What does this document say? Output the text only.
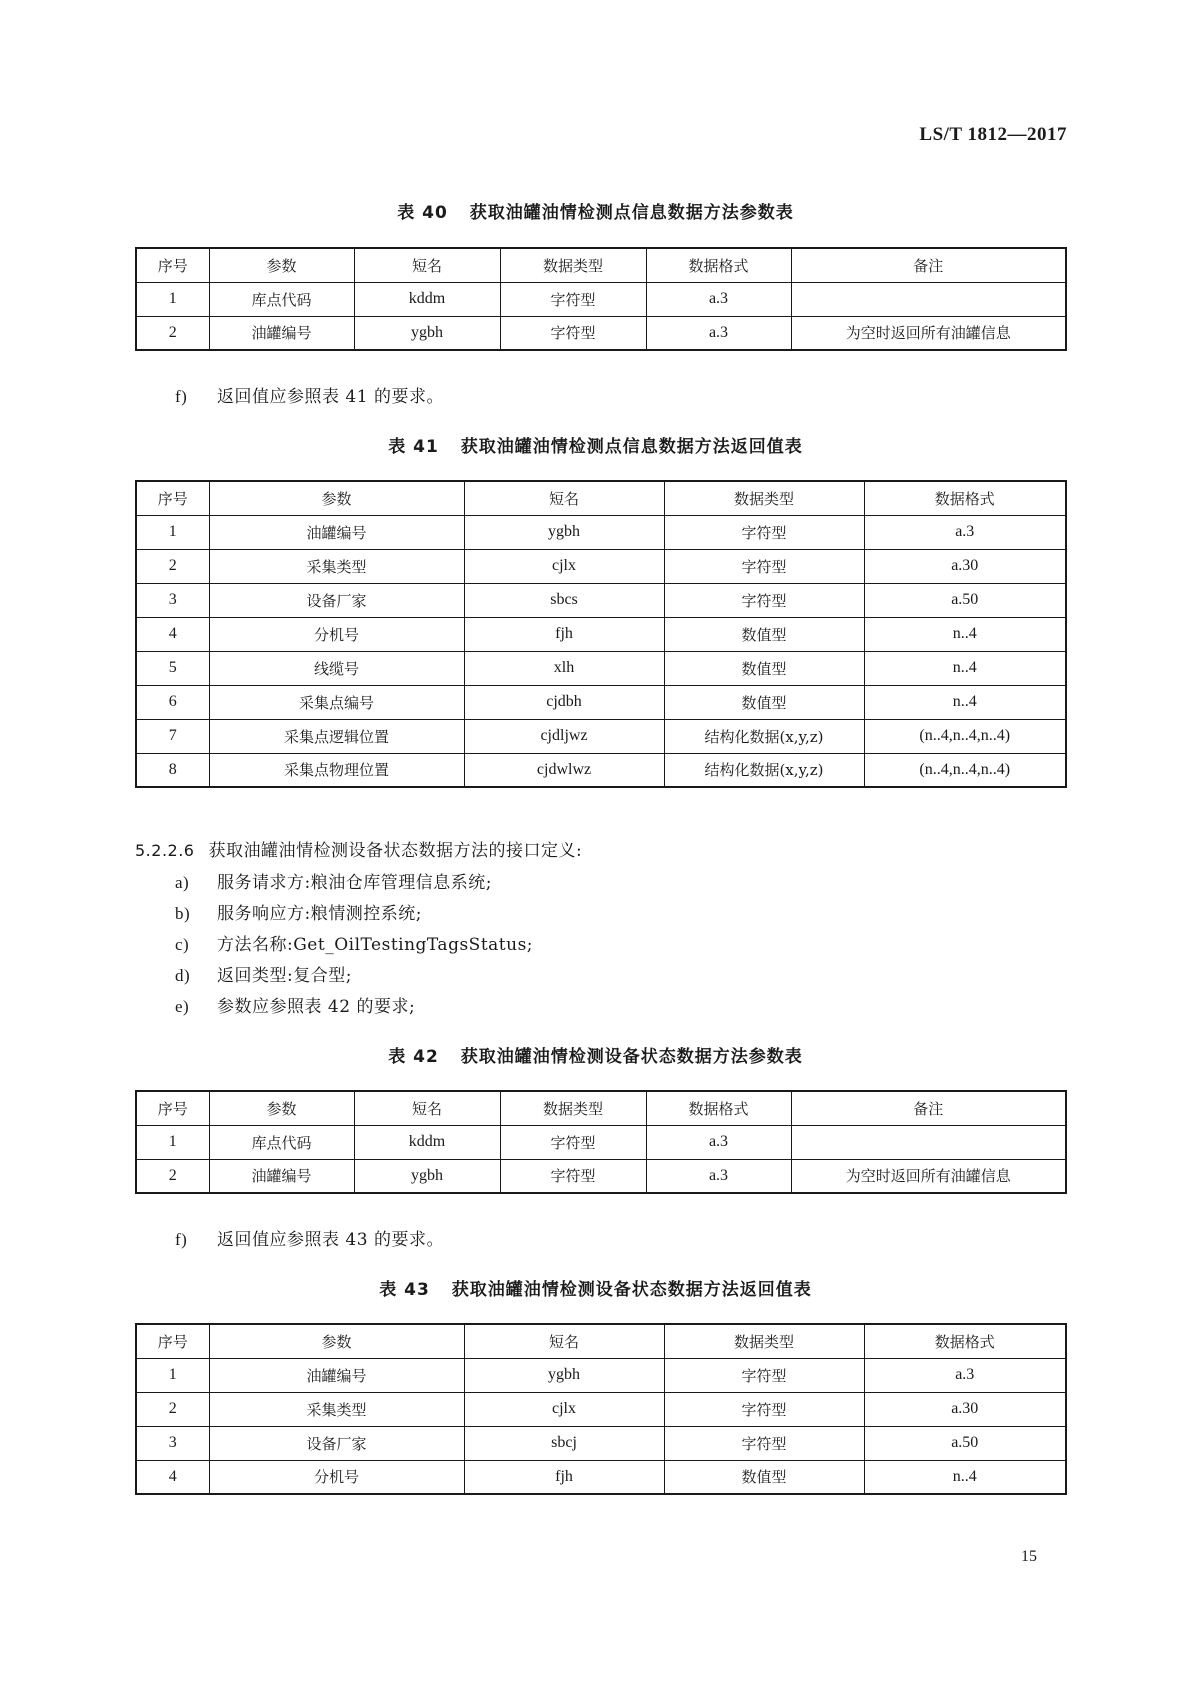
LS/T 1812—2017
表 40 获取油罐油情检测点信息数据方法参数表
序号	参数	短名	数据类型	数据格式	备注
1	库点代码	kddm	字符型	a.3	
2	油罐编号	ygbh	字符型	a.3	为空时返回所有油罐信息
f) 返回值应参照表 41 的要求。
表 41 获取油罐油情检测点信息数据方法返回值表
序号	参数	短名	数据类型	数据格式
1	油罐编号	ygbh	字符型	a.3
2	采集类型	cjlx	字符型	a.30
3	设备厂家	sbcs	字符型	a.50
4	分机号	fjh	数值型	n..4
5	线缆号	xlh	数值型	n..4
6	采集点编号	cjdbh	数值型	n..4
7	采集点逻辑位置	cjdljwz	结构化数据(x,y,z)	(n..4,n..4,n..4)
8	采集点物理位置	cjdwlwz	结构化数据(x,y,z)	(n..4,n..4,n..4)
5.2.2.6 获取油罐油情检测设备状态数据方法的接口定义:
a) 服务请求方:粮油仓库管理信息系统;
b) 服务响应方:粮情测控系统;
c) 方法名称:Get_OilTestingTagsStatus;
d) 返回类型:复合型;
e) 参数应参照表 42 的要求;
表 42 获取油罐油情检测设备状态数据方法参数表
序号	参数	短名	数据类型	数据格式	备注
1	库点代码	kddm	字符型	a.3	
2	油罐编号	ygbh	字符型	a.3	为空时返回所有油罐信息
f) 返回值应参照表 43 的要求。
表 43 获取油罐油情检测设备状态数据方法返回值表
序号	参数	短名	数据类型	数据格式
1	油罐编号	ygbh	字符型	a.3
2	采集类型	cjlx	字符型	a.30
3	设备厂家	sbcj	字符型	a.50
4	分机号	fjh	数值型	n..4
15
